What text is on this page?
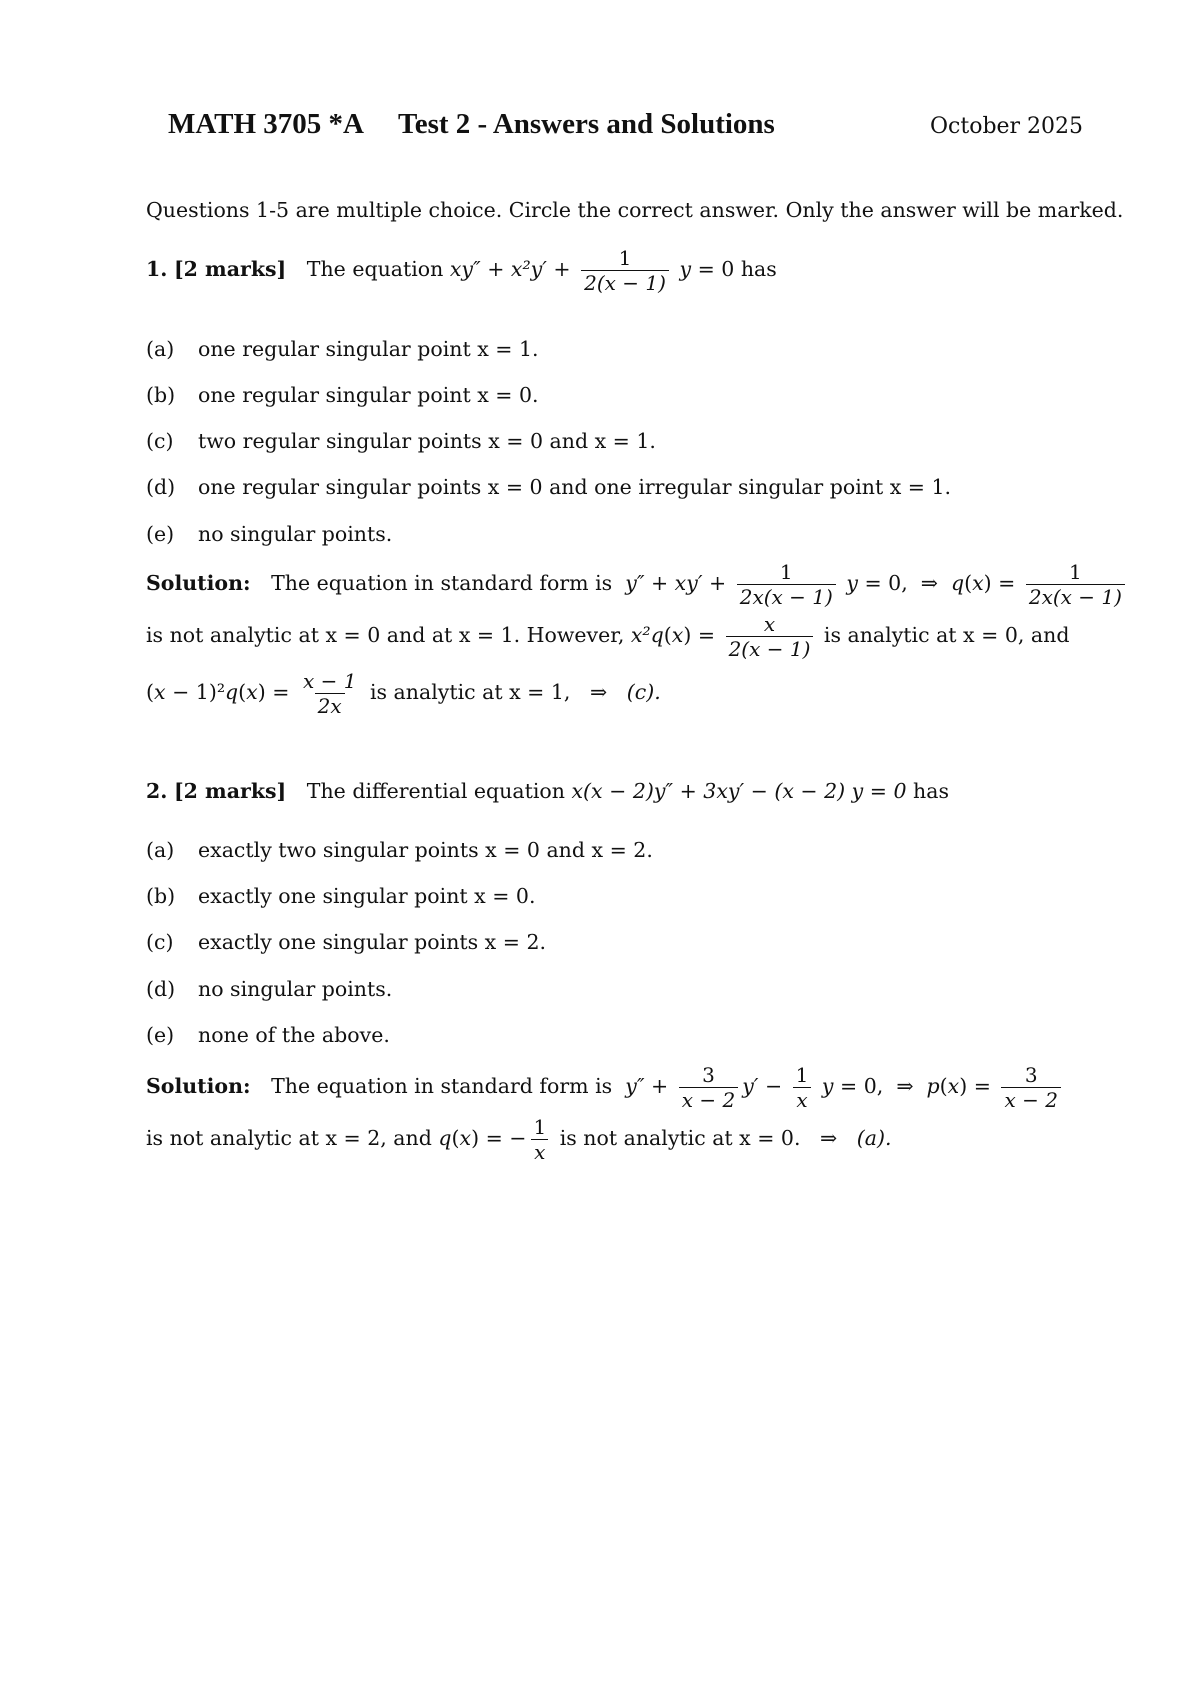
MATH 3705 *A Test 2 - Answers and Solutions	October 2025
Questions 1-5 are multiple choice. Circle the correct answer. Only the answer will be marked.
1. [2 marks] The equation $xy'' + x^2y' + \frac{1}{2(x - 1)}$ y = 0 has
(a) one regular singular point x = 1.
(b) one regular singular point x = 0.
(c) two regular singular points x = 0 and x = 1.
(d) one regular singular points x = 0 and one irregular singular point x = 1.
(e) no singular points.
Solution: The equation in standard form is  $y'' + xy' + \frac{1}{2x(x - 1)}$ y = 0,  ⇒  $q(x) = \frac{1}{2x(x - 1)}$
is not analytic at x = 0 and at x = 1. However, $x^2q(x) = \frac{x}{2(x - 1)}$ is analytic at x = 0, and
$(x - 1)^2q(x) = \frac{x - 1}{2x}$ is analytic at x = 1,   ⇒   (c).
2. [2 marks] The differential equation x(x − 2)y″ + 3xy′ − (x − 2) y = 0 has
(a) exactly two singular points x = 0 and x = 2.
(b) exactly one singular point x = 0.
(c) exactly one singular points x = 2.
(d) no singular points.
(e) none of the above.
Solution: The equation in standard form is  $y'' + \frac{3}{x - 2} y' - \frac{1}{x}$ y = 0,  ⇒  $p(x) = \frac{3}{x - 2}$
is not analytic at x = 2, and q(x) = − $\frac{1}{x}$ is not analytic at x = 0.   ⇒   (a).
